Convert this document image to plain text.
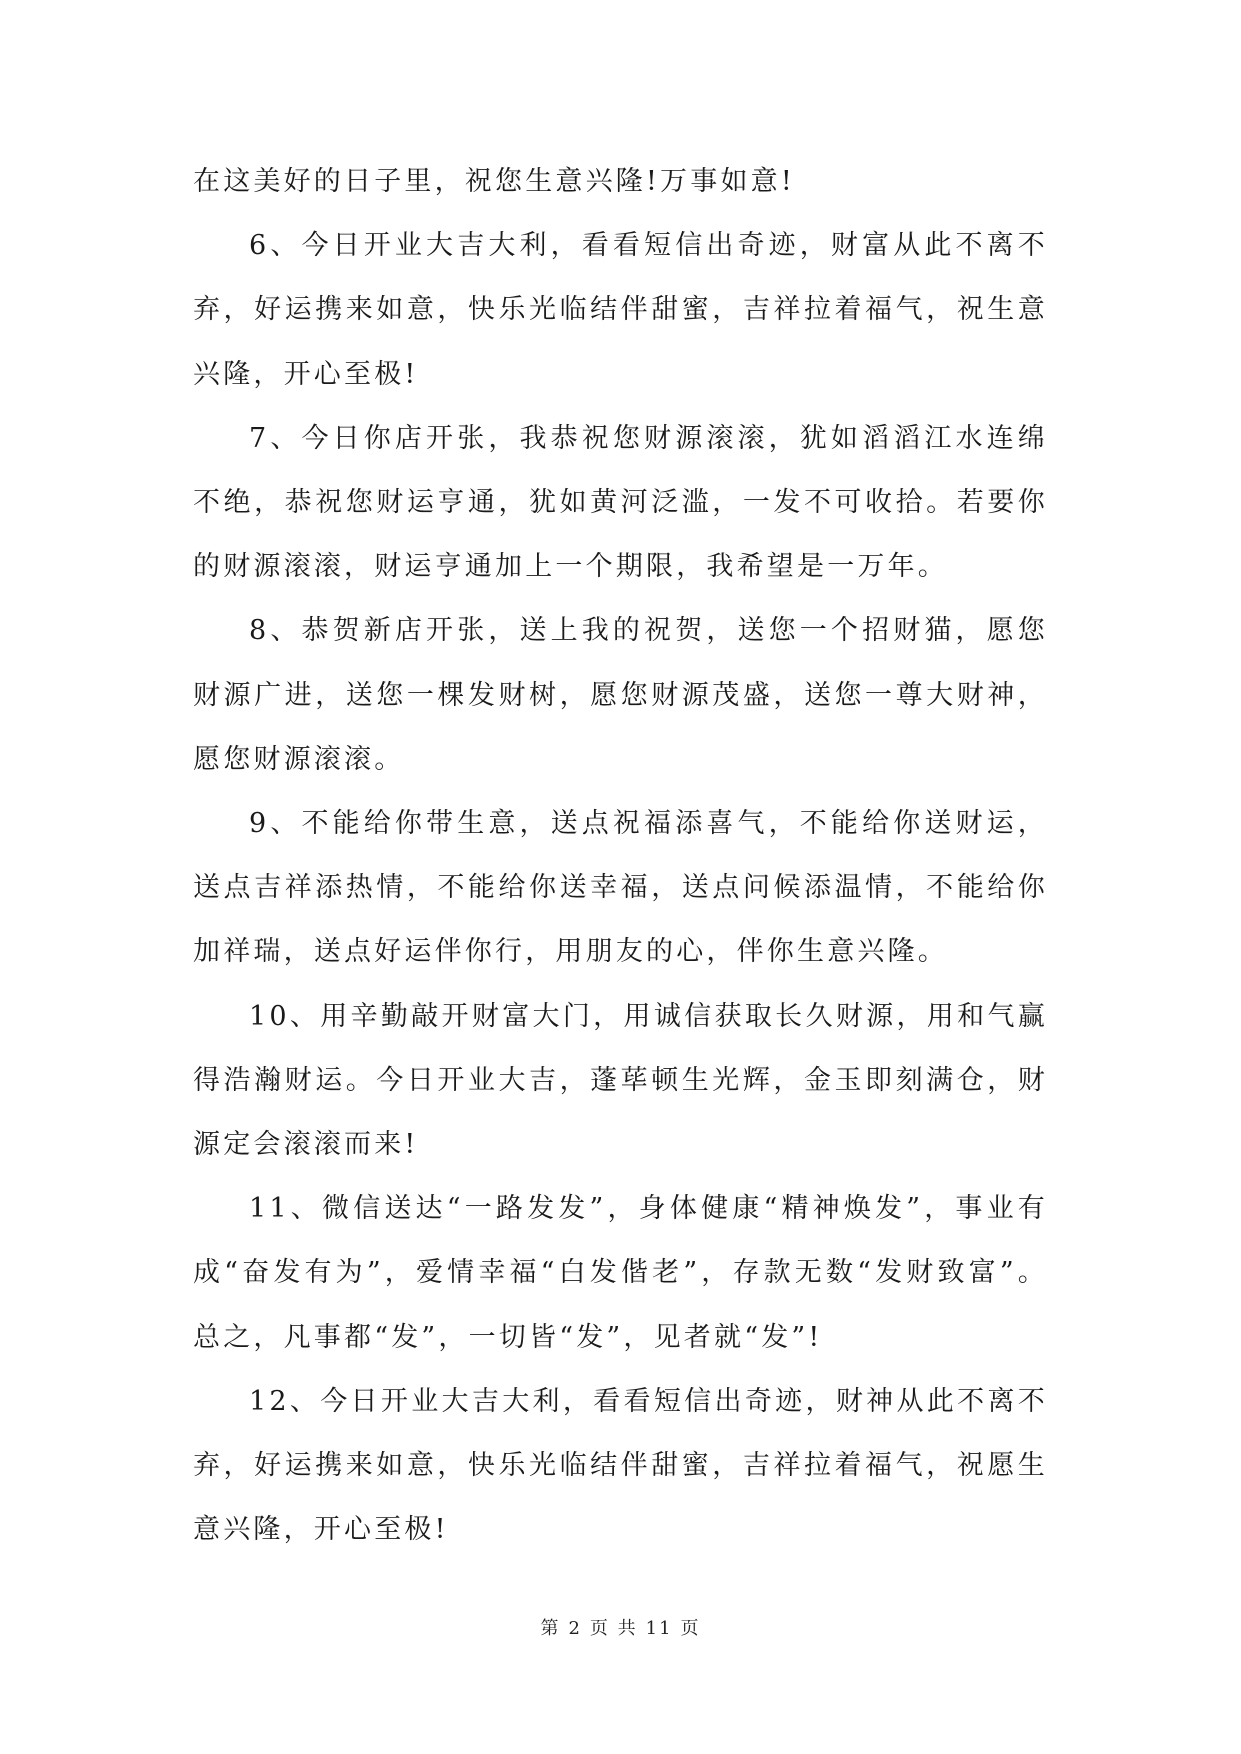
在这美好的日子里，祝您生意兴隆!万事如意!

6、今日开业大吉大利，看看短信出奇迹，财富从此不离不弃，好运携来如意，快乐光临结伴甜蜜，吉祥拉着福气，祝生意兴隆，开心至极!

7、今日你店开张，我恭祝您财源滚滚，犹如滔滔江水连绵不绝，恭祝您财运亨通，犹如黄河泛滥，一发不可收拾。若要你的财源滚滚，财运亨通加上一个期限，我希望是一万年。

8、恭贺新店开张，送上我的祝贺，送您一个招财猫，愿您财源广进，送您一棵发财树，愿您财源茂盛，送您一尊大财神，愿您财源滚滚。

9、不能给你带生意，送点祝福添喜气，不能给你送财运，送点吉祥添热情，不能给你送幸福，送点问候添温情，不能给你加祥瑞，送点好运伴你行，用朋友的心，伴你生意兴隆。

10、用辛勤敲开财富大门，用诚信获取长久财源，用和气赢得浩瀚财运。今日开业大吉，蓬荜顿生光辉，金玉即刻满仓，财源定会滚滚而来!

11、微信送达“一路发发”，身体健康“精神焕发”，事业有成“奋发有为”，爱情幸福“白发偕老”，存款无数“发财致富”。总之，凡事都“发”，一切皆“发”，见者就“发”!

12、今日开业大吉大利，看看短信出奇迹，财神从此不离不弃，好运携来如意，快乐光临结伴甜蜜，吉祥拉着福气，祝愿生意兴隆，开心至极!

第 2 页 共 11 页
